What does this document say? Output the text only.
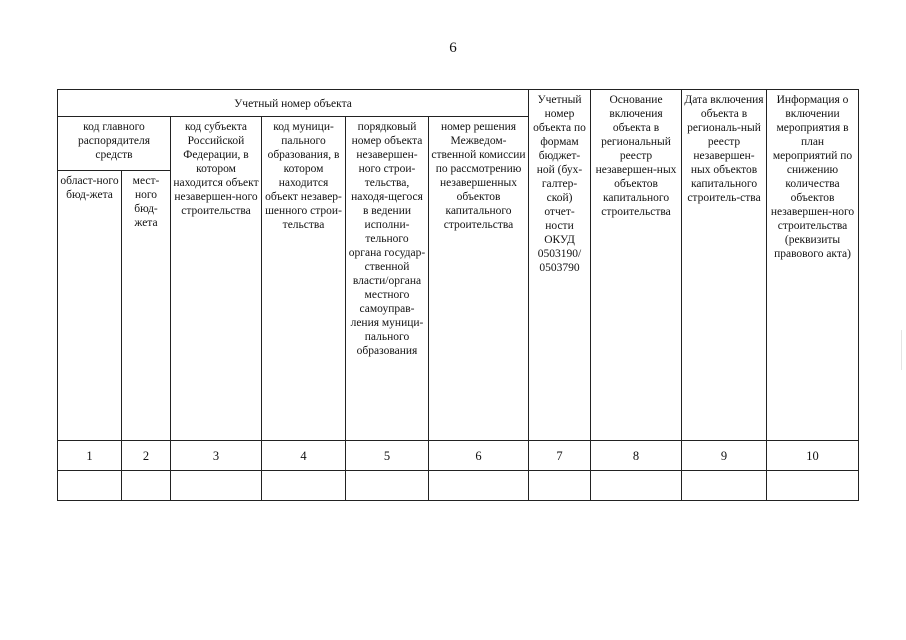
6
Учетный номер объекта						Учетный номер объекта по формам бюджет-ной (бух-галтер-ской) отчет-ности ОКУД 0503190/ 0503790	Основание включения объекта в региональный реестр незавершен-ных объектов капитального строительства	Дата включения объекта в региональ-ный реестр незавершен-ных объектов капитального строитель-ства	Информация о включении мероприятия в план мероприятий по снижению количества объектов незавершен-ного строительства (реквизиты правового акта)
код главного распорядителя средств		код субъекта Российской Федерации, в котором находится объект незавершен-ного строительства	код муници-пального образования, в котором находится объект незавер-шенного строи-тельства	порядковый номер объекта незавершен-ного строи-тельства, находя-щегося в ведении исполни-тельного органа государ-ственной власти/органа местного самоуправ-ления муници-пального образования	номер решения Межведом-ственной комиссии по рассмотрению незавершенных объектов капитального строительства				
област-ного бюд-жета	мест-ного бюд-жета								
1	2	3	4	5	6	7	8	9	10
